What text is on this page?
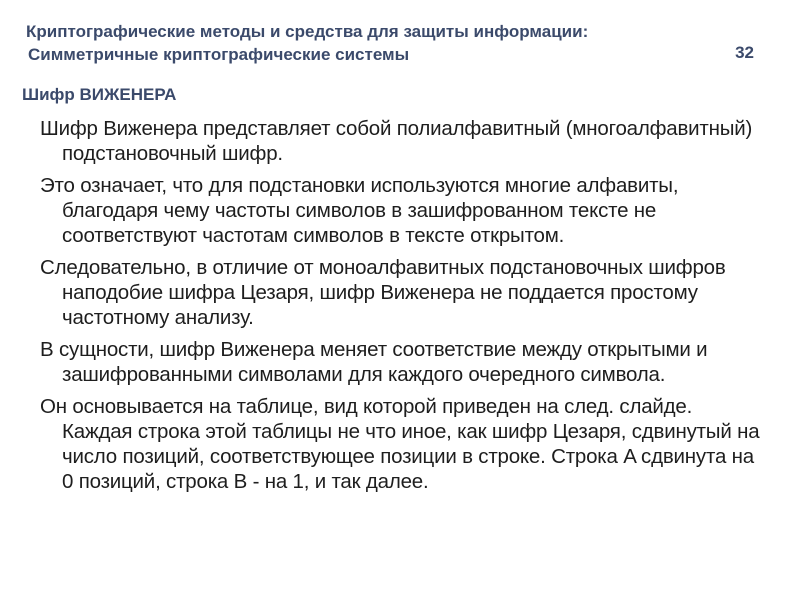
Криптографические методы и средства для защиты информации:
Симметричные криптографические системы	32
Шифр ВИЖЕНЕРА

Шифр Виженера представляет собой полиалфавитный (многоалфавитный) подстановочный шифр.

Это означает, что для подстановки используются многие алфавиты, благодаря чему частоты символов в зашифрованном тексте не соответствуют частотам символов в тексте открытом.

Следовательно, в отличие от моноалфавитных подстановочных шифров наподобие шифра Цезаря, шифр Виженера не поддается простому частотному анализу.

В сущности, шифр Виженера меняет соответствие между открытыми и зашифрованными символами для каждого очередного символа.

Он основывается на таблице, вид которой приведен на след. слайде. Каждая строка этой таблицы не что иное, как шифр Цезаря, сдвинутый на число позиций, соответствующее позиции в строке. Строка A сдвинута на 0 позиций, строка B - на 1, и так далее.
